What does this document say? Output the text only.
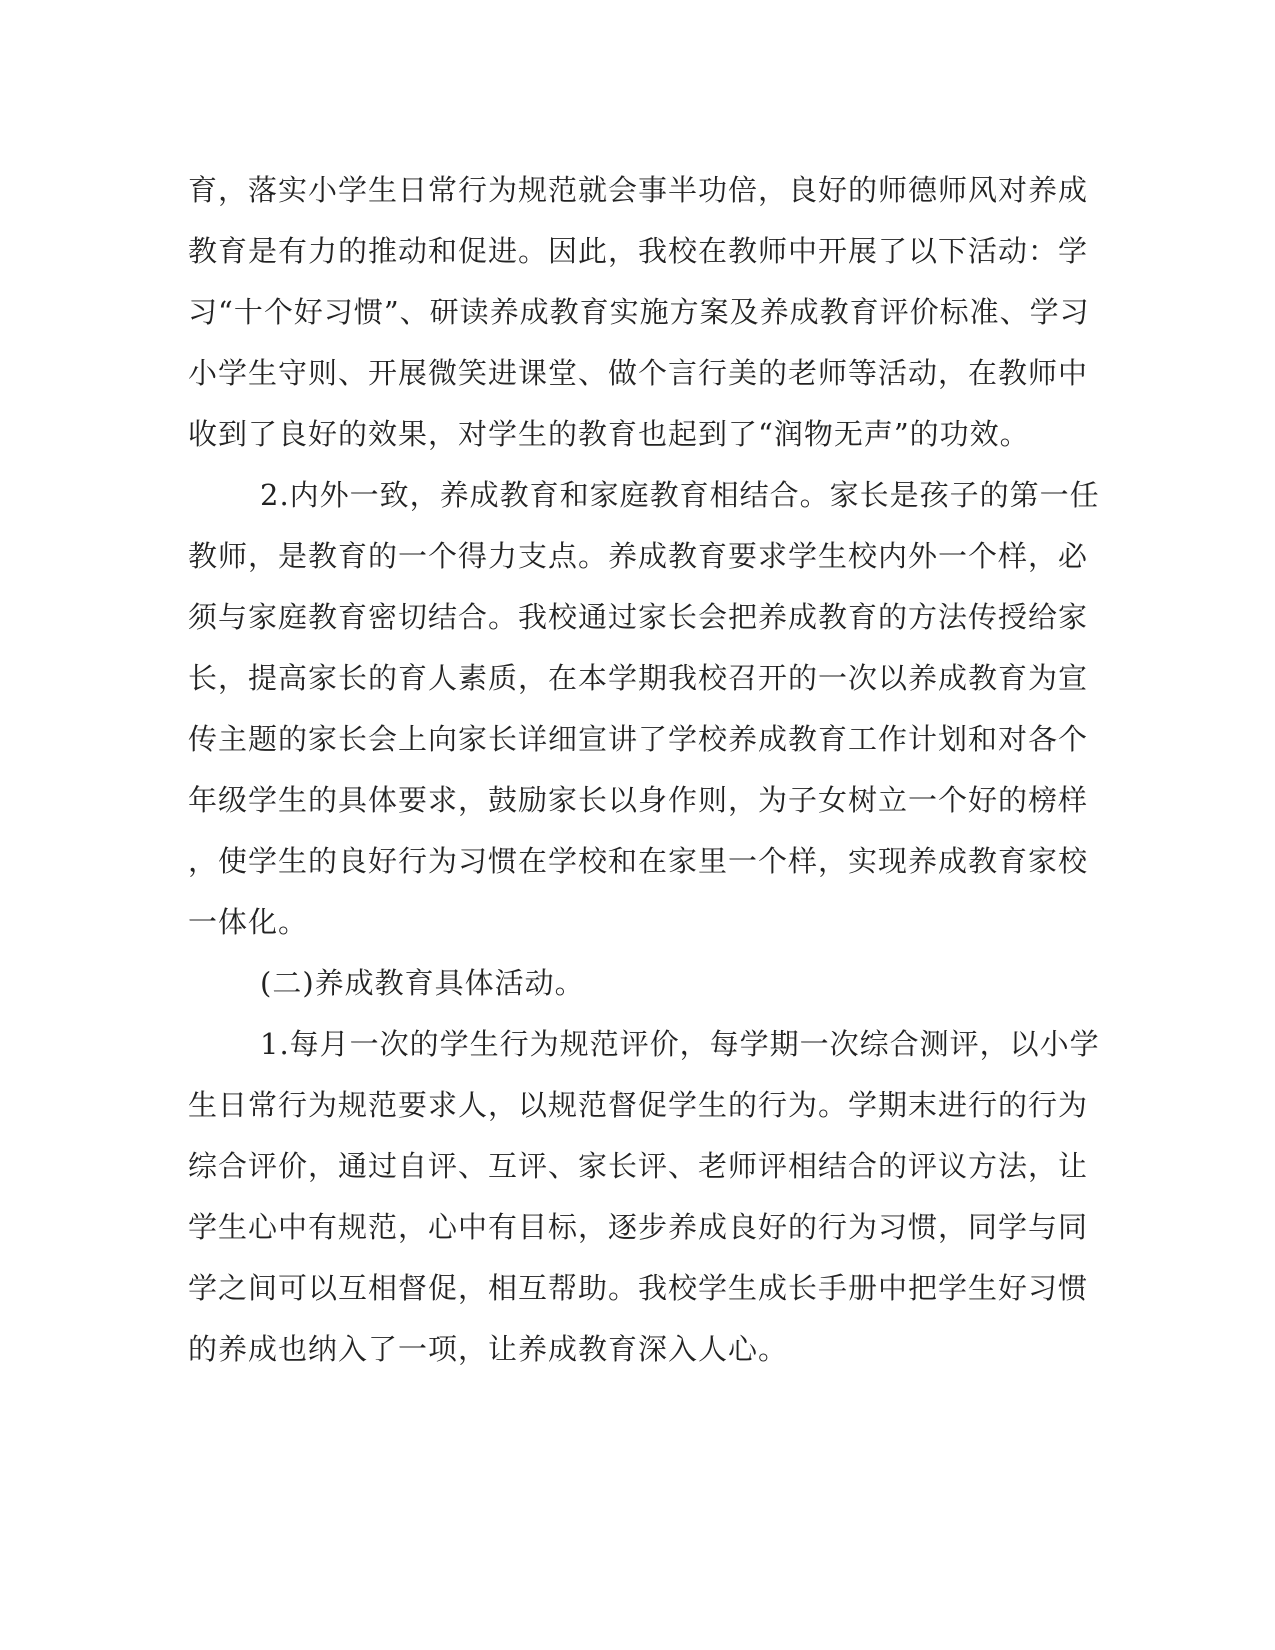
育，落实小学生日常行为规范就会事半功倍，良好的师德师风对养成
教育是有力的推动和促进。因此，我校在教师中开展了以下活动：学
习“十个好习惯”、研读养成教育实施方案及养成教育评价标准、学习
小学生守则、开展微笑进课堂、做个言行美的老师等活动，在教师中
收到了良好的效果，对学生的教育也起到了“润物无声”的功效。
2.内外一致，养成教育和家庭教育相结合。家长是孩子的第一任
教师，是教育的一个得力支点。养成教育要求学生校内外一个样，必
须与家庭教育密切结合。我校通过家长会把养成教育的方法传授给家
长，提高家长的育人素质，在本学期我校召开的一次以养成教育为宣
传主题的家长会上向家长详细宣讲了学校养成教育工作计划和对各个
年级学生的具体要求，鼓励家长以身作则，为子女树立一个好的榜样
，使学生的良好行为习惯在学校和在家里一个样，实现养成教育家校
一体化。
(二)养成教育具体活动。
1.每月一次的学生行为规范评价，每学期一次综合测评，以小学
生日常行为规范要求人，以规范督促学生的行为。学期末进行的行为
综合评价，通过自评、互评、家长评、老师评相结合的评议方法，让
学生心中有规范，心中有目标，逐步养成良好的行为习惯，同学与同
学之间可以互相督促，相互帮助。我校学生成长手册中把学生好习惯
的养成也纳入了一项，让养成教育深入人心。
